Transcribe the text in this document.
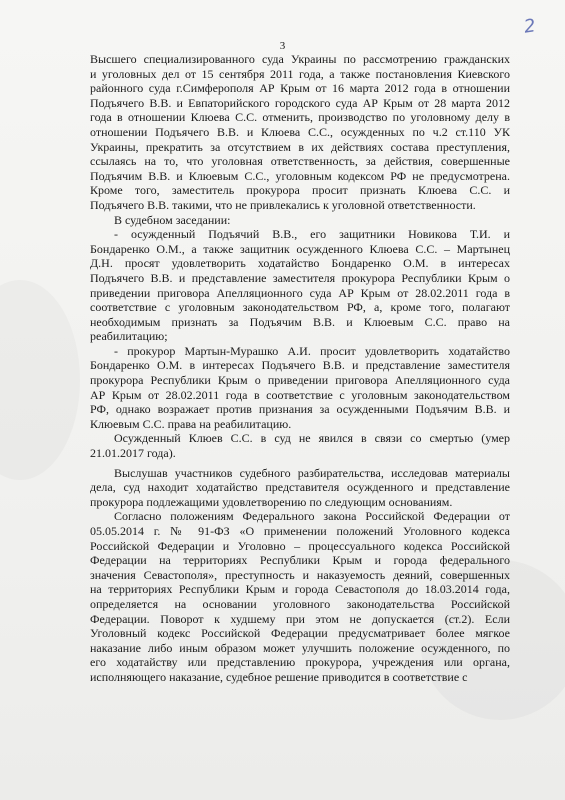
3
2

Высшего специализированного суда Украины по рассмотрению гражданских
и уголовных дел от 15 сентября 2011 года, а также постановления Киевского
районного суда г.Симферополя АР Крым от 16 марта 2012 года в отношении
Подъячего В.В. и Евпаторийского городского суда АР Крым от 28 марта 2012
года в отношении Клюева С.С. отменить, производство по уголовному делу в
отношении Подъячего В.В. и Клюева С.С., осужденных по ч.2 ст.110 УК
Украины, прекратить за отсутствием в их действиях состава преступления,
ссылаясь на то, что уголовная ответственность, за действия, совершенные
Подъячим В.В. и Клюевым С.С., уголовным кодексом РФ не предусмотрена.
Кроме того, заместитель прокурора просит признать Клюева С.С. и
Подъячего В.В. такими, что не привлекались к уголовной ответственности.

В судебном заседании:

- осужденный Подъячий В.В., его защитники Новикова Т.И. и
Бондаренко О.М., а также защитник осужденного Клюева С.С. – Мартынец
Д.Н. просят удовлетворить ходатайство Бондаренко О.М. в интересах
Подъячего В.В. и представление заместителя прокурора Республики Крым о
приведении приговора Апелляционного суда АР Крым от 28.02.2011 года в
соответствие с уголовным законодательством РФ, а, кроме того, полагают
необходимым признать за Подъячим В.В. и Клюевым С.С. право на
реабилитацию;

- прокурор Мартын-Мурашко А.И. просит удовлетворить ходатайство
Бондаренко О.М. в интересах Подъячего В.В. и представление заместителя
прокурора Республики Крым о приведении приговора Апелляционного суда
АР Крым от 28.02.2011 года в соответствие с уголовным законодательством
РФ, однако возражает против признания за осужденными Подъячим В.В. и
Клюевым С.С. права на реабилитацию.

Осужденный Клюев С.С. в суд не явился в связи со смертью (умер
21.01.2017 года).

Выслушав участников судебного разбирательства, исследовав материалы
дела, суд находит ходатайство представителя осужденного и представление
прокурора подлежащими удовлетворению по следующим основаниям.

Согласно положениям Федерального закона Российской Федерации от
05.05.2014 г. № 91-ФЗ «О применении положений Уголовного кодекса
Российской Федерации и Уголовно – процессуального кодекса Российской
Федерации на территориях Республики Крым и города федерального
значения Севастополя», преступность и наказуемость деяний, совершенных
на территориях Республики Крым и города Севастополя до 18.03.2014 года,
определяется на основании уголовного законодательства Российской
Федерации. Поворот к худшему при этом не допускается (ст.2). Если
Уголовный кодекс Российской Федерации предусматривает более мягкое
наказание либо иным образом может улучшить положение осужденного, по
его ходатайству или представлению прокурора, учреждения или органа,
исполняющего наказание, судебное решение приводится в соответствие с
